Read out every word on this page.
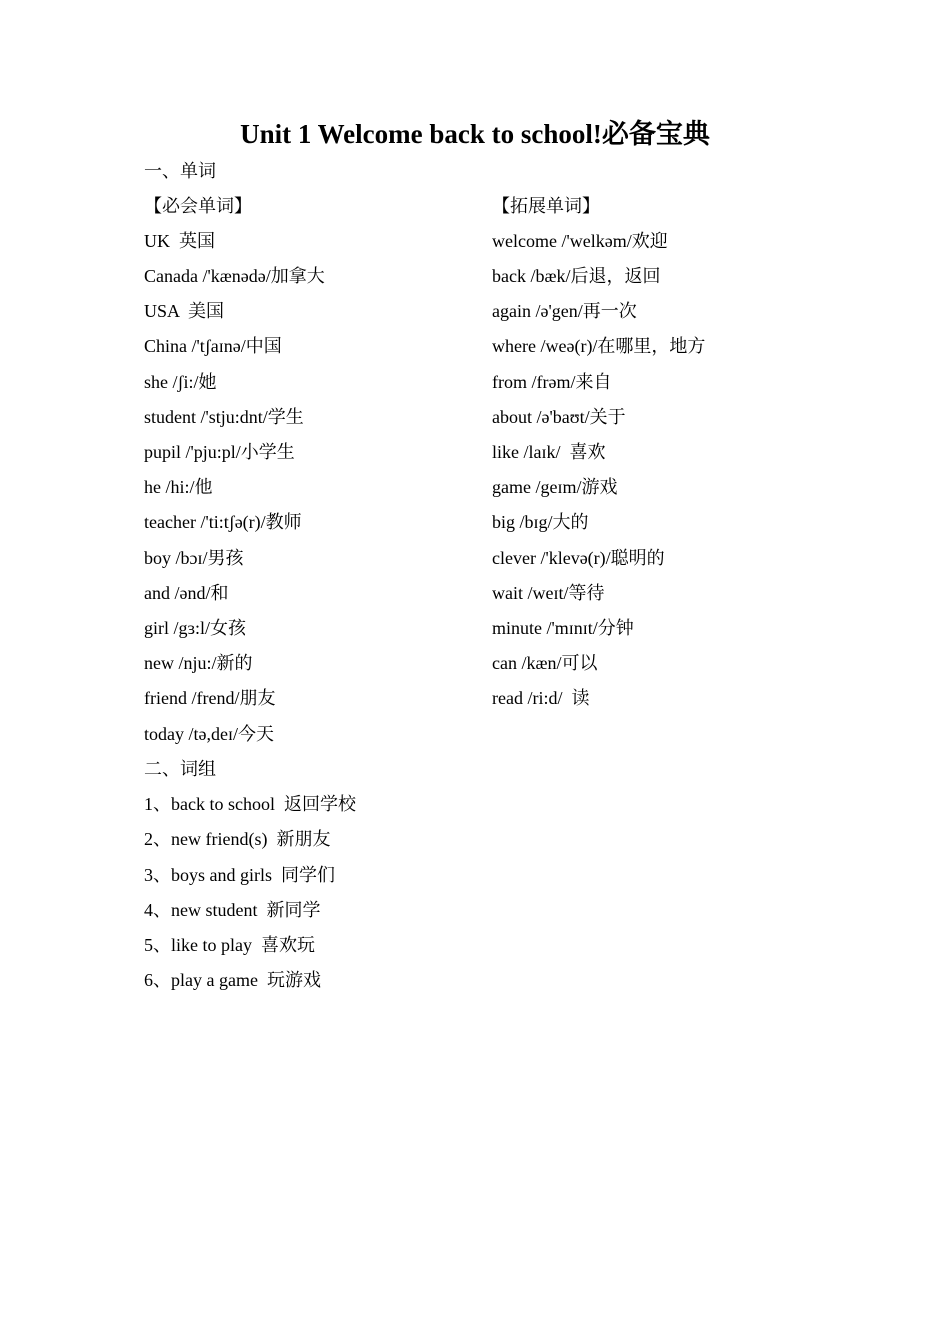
Unit 1 Welcome back to school!必备宝典
一、单词
【必会单词】	【拓展单词】
UK  英国
Canada /'kænədə/加拿大
USA  美国
China /'tʃaɪnə/中国
she /ʃi:/她
student /'stju:dnt/学生
pupil /'pju:pl/小学生
he /hi:/他
teacher /'ti:tʃə(r)/教师
boy /bɔɪ/男孩
and /ənd/和
girl /gɜ:l/女孩
new /nju:/新的
friend /frend/朋友
today /tə,deɪ/今天
welcome /'welkəm/欢迎
back /bæk/后退，返回
again /ə'gen/再一次
where /weə(r)/在哪里，地方
from /frəm/来自
about /ə'baʊt/关于
like /laɪk/  喜欢
game /geɪm/游戏
big /bɪg/大的
clever /'klevə(r)/聪明的
wait /weɪt/等待
minute /'mɪnɪt/分钟
can /kæn/可以
read /ri:d/  读
二、词组
1、back to school  返回学校
2、new friend(s)  新朋友
3、boys and girls  同学们
4、new student  新同学
5、like to play  喜欢玩
6、play a game  玩游戏
